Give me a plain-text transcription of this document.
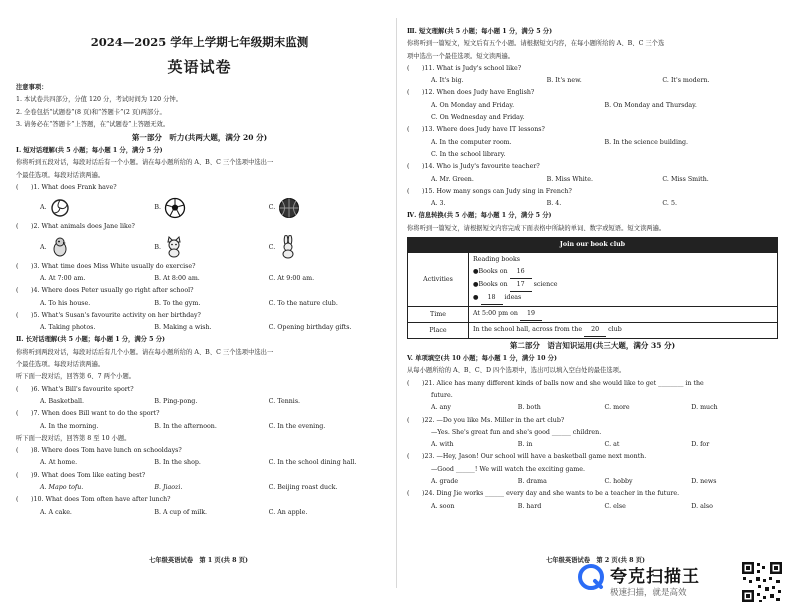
2024—2025 学年上学期七年级期末监测
英语试卷
注意事项：
1. 本试卷共四部分，分值 120 分，考试时间为 120 分钟。
2. 全卷包括“试题卷”(8 页)和“答题卡”(2 页)两部分。
3. 请务必在“答题卡”上答题，在“试题卷”上答题无效。
第一部分　听力(共两大题，满分 20 分)
Ⅰ. 短对话理解(共 5 小题；每小题 1 分，满分 5 分)
你将听到五段对话，每段对话后有一个小题。请在每小题所给的 A、B、C 三个选项中选出一
个最佳选项。每段对话读两遍。
(　　)1. What does Frank have?
A.	B.	C.
(　　)2. What animals does Jane like?
A.	B.	C.
(　　)3. What time does Miss White usually do exercise?
A. At 7:00 am.	B. At 8:00 am.	C. At 9:00 am.
(　　)4. Where does Peter usually go right after school?
A. To his house.	B. To the gym.	C. To the nature club.
(　　)5. What's Susan's favourite activity on her birthday?
A. Taking photos.	B. Making a wish.	C. Opening birthday gifts.
Ⅱ. 长对话理解(共 5 小题；每小题 1 分，满分 5 分)
你将听到两段对话，每段对话后有几个小题。请在每小题所给的 A、B、C 三个选项中选出一
个最佳选项。每段对话读两遍。
听下面一段对话，回答第 6、7 两个小题。
(　　)6. What's Bill's favourite sport?
A. Basketball.	B. Ping-pong.	C. Tennis.
(　　)7. When does Bill want to do the sport?
A. In the morning.	B. In the afternoon.	C. In the evening.
听下面一段对话，回答第 8 至 10 小题。
(　　)8. Where does Tom have lunch on schooldays?
A. At home.	B. In the shop.	C. In the school dining hall.
(　　)9. What does Tom like eating best?
A. Mapo tofu.	B. Jiaozi.	C. Beijing roast duck.
(　　)10. What does Tom often have after lunch?
A. A cake.	B. A cup of milk.	C. An apple.
七年级英语试卷　第 1 页(共 8 页)
Ⅲ. 短文理解(共 5 小题；每小题 1 分，满分 5 分)
你将听到一篇短文，短文后有五个小题。请根据短文内容，在每小题所给的 A、B、C 三个选
项中选出一个最佳选项。短文读两遍。
(　　)11. What is Judy's school like?
A. It's big.	B. It's new.	C. It's modern.
(　　)12. When does Judy have English?
A. On Monday and Friday.	B. On Monday and Thursday.
C. On Wednesday and Friday.
(　　)13. Where does Judy have IT lessons?
A. In the computer room.	B. In the science building.
C. In the school library.
(　　)14. Who is Judy's favourite teacher?
A. Mr. Green.	B. Miss White.	C. Miss Smith.
(　　)15. How many songs can Judy sing in French?
A. 3.	B. 4.	C. 5.
Ⅳ. 信息转换(共 5 小题；每小题 1 分，满分 5 分)
你将听到一篇短文，请根据短文内容完成下面表格中所缺的单词、数字或短语。短文读两遍。
Join our book club	
Activities	Reading books
●Books on 16
●Books on 17 science
● 18 ideas

Time	At 5:00 pm on 19
Place	In the school hall, across from the 20 club
第二部分　语言知识运用(共三大题，满分 35 分)
V. 单项填空(共 10 小题；每小题 1 分，满分 10 分)
从每小题所给的 A、B、C、D 四个选项中，选出可以填入空白处的最佳选项。
(　　)21. Alice has many different kinds of balls now and she would like to get ________ in the
future.
A. any	B. both	C. more	D. much
(　　)22. —Do you like Ms. Miller in the art club?
—Yes. She's great fun and she's good ______ children.
A. with	B. in	C. at	D. for
(　　)23. —Hey, Jason! Our school will have a basketball game next month.
—Good ______! We will watch the exciting game.
A. grade	B. drama	C. hobby	D. news
(　　)24. Ding Jie works ______ every day and she wants to be a teacher in the future.
A. soon	B. hard	C. else	D. also
七年级英语试卷　第 2 页(共 8 页)
夸克扫描王
极速扫描，就是高效
